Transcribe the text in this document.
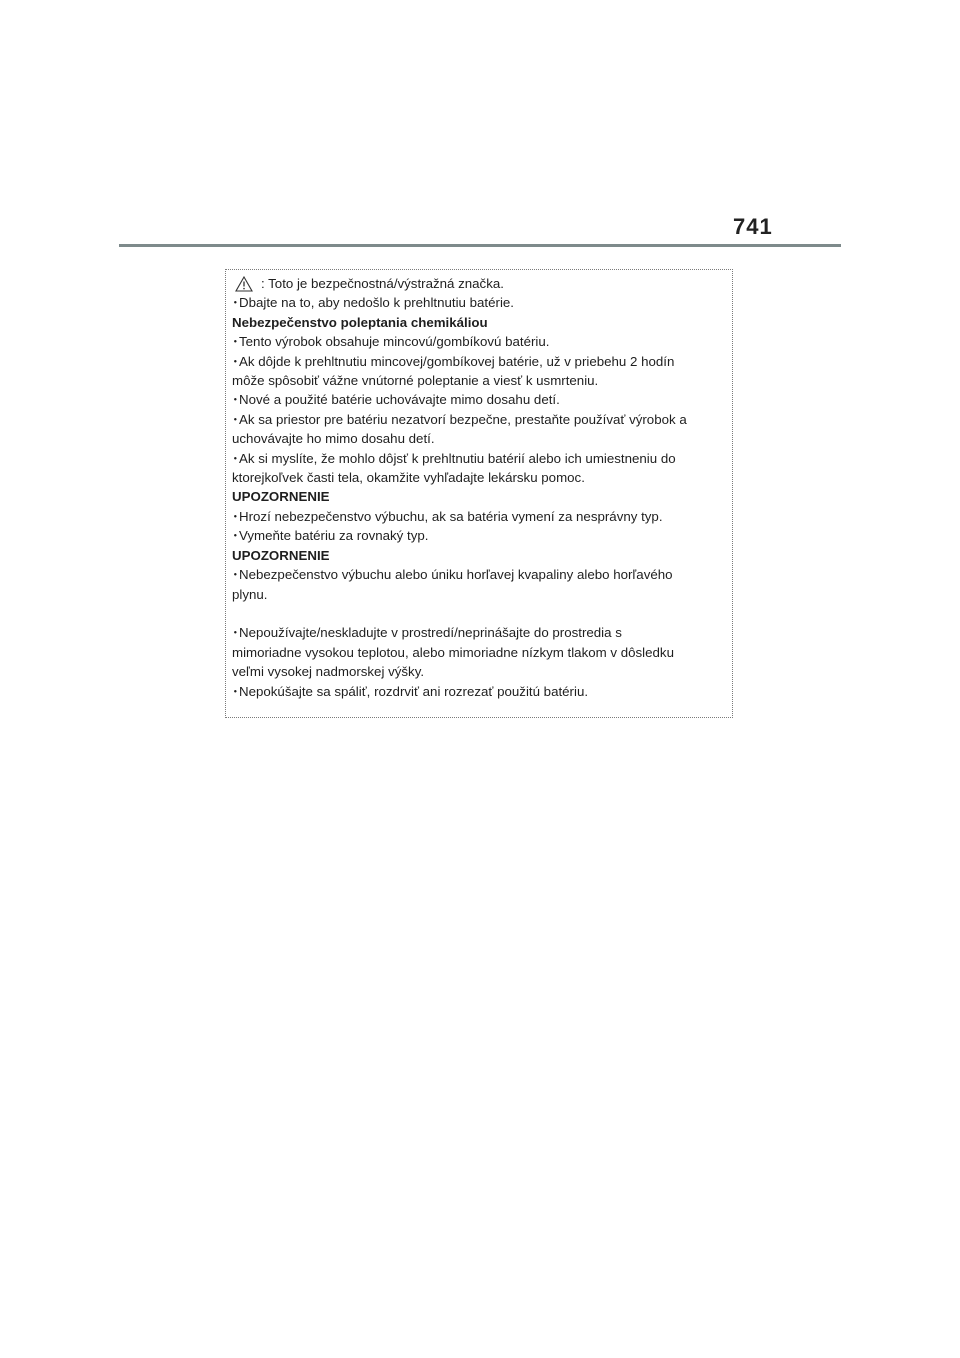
741
: Toto je bezpečnostná/výstražná značka.
･Dbajte na to, aby nedošlo k prehltnutiu batérie.
Nebezpečenstvo poleptania chemikáliou
･Tento výrobok obsahuje mincovú/gombíkovú batériu.
･Ak dôjde k prehltnutiu mincovej/gombíkovej batérie, už v priebehu 2 hodín
môže spôsobiť vážne vnútorné poleptanie a viesť k usmrteniu.
･Nové a použité batérie uchovávajte mimo dosahu detí.
･Ak sa priestor pre batériu nezatvorí bezpečne, prestaňte používať výrobok a
uchovávajte ho mimo dosahu detí.
･Ak si myslíte, že mohlo dôjsť k prehltnutiu batérií alebo ich umiestneniu do
ktorejkoľvek časti tela, okamžite vyhľadajte lekársku pomoc.
UPOZORNENIE
･Hrozí nebezpečenstvo výbuchu, ak sa batéria vymení za nesprávny typ.
･Vymeňte batériu za rovnaký typ.
UPOZORNENIE
･Nebezpečenstvo výbuchu alebo úniku horľavej kvapaliny alebo horľavého
plynu.
･Nepoužívajte/neskladujte v prostredí/neprinášajte do prostredia s
mimoriadne vysokou teplotou, alebo mimoriadne nízkym tlakom v dôsledku
veľmi vysokej nadmorskej výšky.
･Nepokúšajte sa spáliť, rozdrviť ani rozrezať použitú batériu.
